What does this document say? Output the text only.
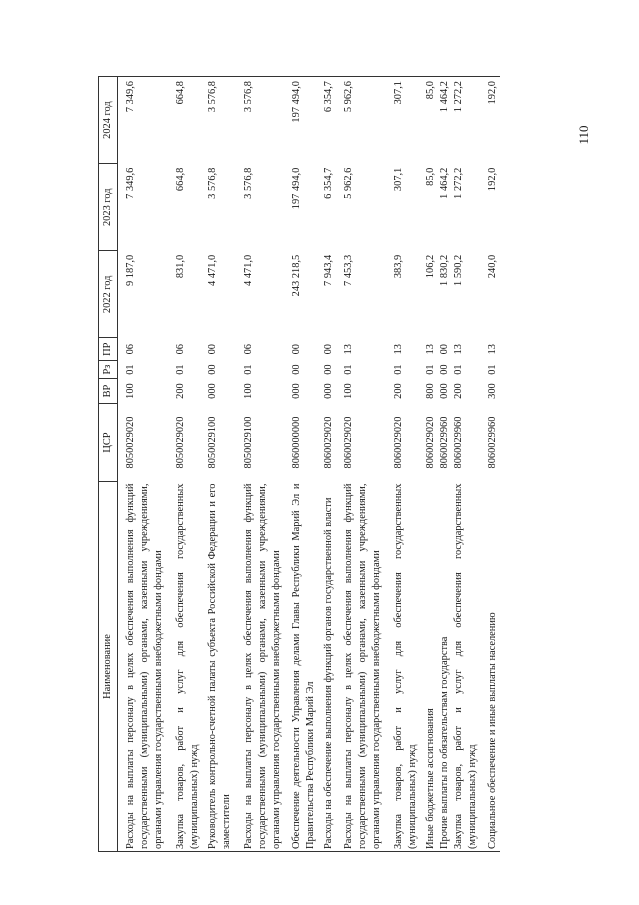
110
Наименование	ЦСР	ВР	Рз	ПР	2022 год	2023 год	2024 год
Расходы на выплаты персоналу в целях обеспечения выполнения функций государственными (муниципальными) органами, казенными учреждениями, органами управления государственными внебюджетными фондами	8050029020	100	01	06	9 187,0	7 349,6	7 349,6
Закупка товаров, работ и услуг для обеспечения государственных (муниципальных) нужд	8050029020	200	01	06	831,0	664,8	664,8
Руководитель контрольно-счетной палаты субъекта Российской Федерации и его заместители	8050029100	000	00	00	4 471,0	3 576,8	3 576,8
Расходы на выплаты персоналу в целях обеспечения выполнения функций государственными (муниципальными) органами, казенными учреждениями, органами управления государственными внебюджетными фондами	8050029100	100	01	06	4 471,0	3 576,8	3 576,8
Обеспечение деятельности Управления делами Главы Республики Марий Эл и Правительства Республики Марий Эл	8060000000	000	00	00	243 218,5	197 494,0	197 494,0
Расходы на обеспечение выполнения функций органов государственной власти	8060029020	000	00	00	7 943,4	6 354,7	6 354,7
Расходы на выплаты персоналу в целях обеспечения выполнения функций государственными (муниципальными) органами, казенными учреждениями, органами управления государственными внебюджетными фондами	8060029020	100	01	13	7 453,3	5 962,6	5 962,6
Закупка товаров, работ и услуг для обеспечения государственных (муниципальных) нужд	8060029020	200	01	13	383,9	307,1	307,1
Иные бюджетные ассигнования	8060029020	800	01	13	106,2	85,0	85,0
Прочие выплаты по обязательствам государства	8060029960	000	00	00	1 830,2	1 464,2	1 464,2
Закупка товаров, работ и услуг для обеспечения государственных (муниципальных) нужд	8060029960	200	01	13	1 590,2	1 272,2	1 272,2
Социальное обеспечение и иные выплаты населению	8060029960	300	01	13	240,0	192,0	192,0
